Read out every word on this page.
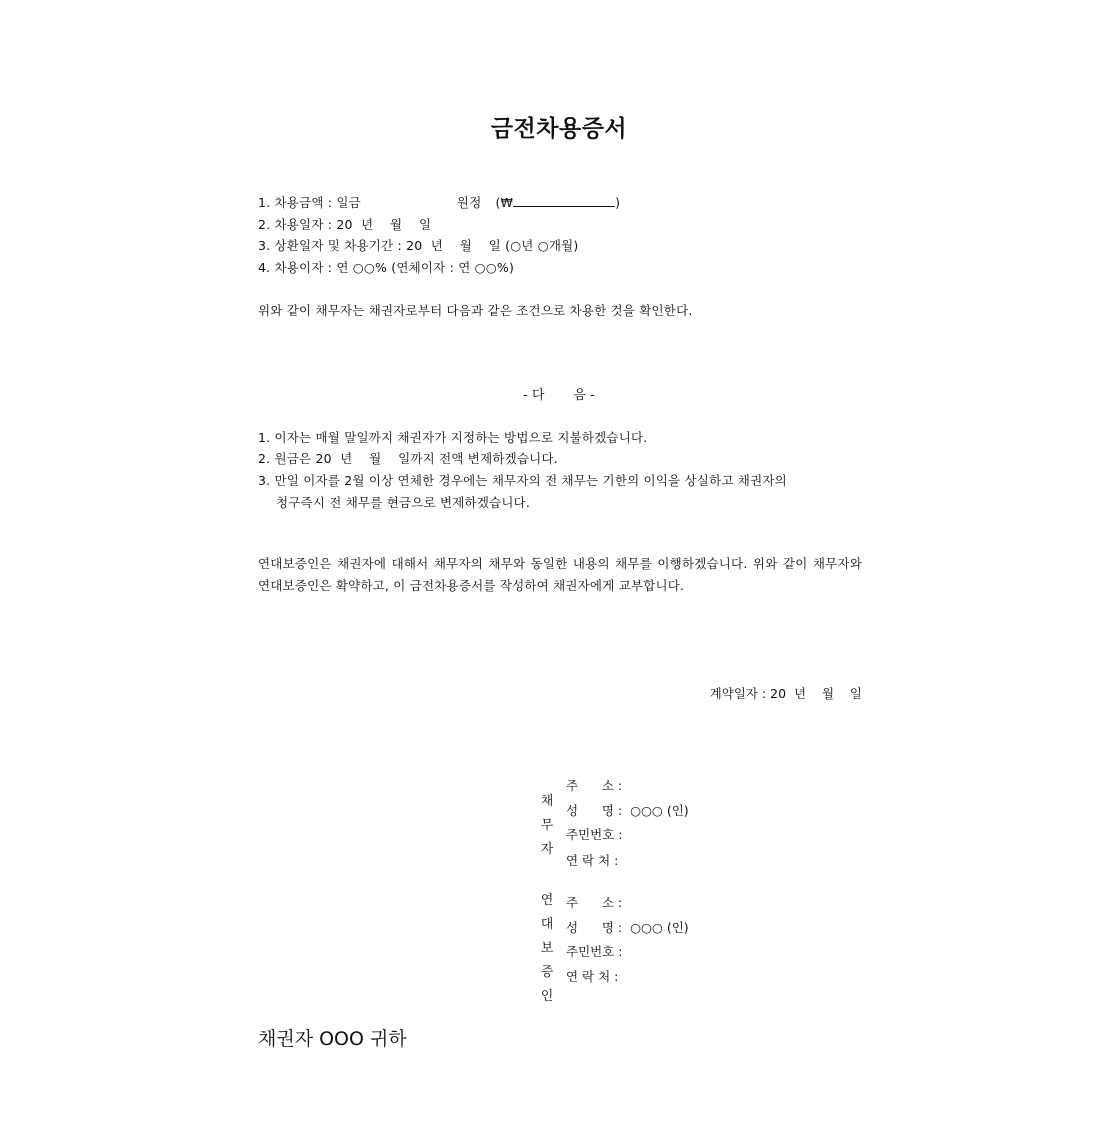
금전차용증서
1. 차용금액 : 일금	원정 (₩	)
2. 차용일자 : 20  년    월    일
3. 상환일자 및 차용기간 : 20  년    월    일 (○년 ○개월)
4. 차용이자 : 연 ○○% (연체이자 : 연 ○○%)
위와 같이 채무자는 채권자로부터 다음과 같은 조건으로 차용한 것을 확인한다.
- 다       음 -
1. 이자는 매월 말일까지 채권자가 지정하는 방법으로 지불하겠습니다.
2. 원금은 20  년    월    일까지 전액 변제하겠습니다.
3. 만일 이자를 2월 이상 연체한 경우에는 채무자의 전 채무는 기한의 이익을 상실하고 채권자의
청구즉시 전 채무를 현금으로 변제하겠습니다.
연대보증인은 채권자에 대해서 채무자의 채무와 동일한 내용의 채무를 이행하겠습니다. 위와 같이 채무자와 연대보증인은 확약하고, 이 금전차용증서를 작성하여 채권자에게 교부합니다.
계약일자 : 20  년    월    일
채
무
자
주      소 :
성      명 :  ○○○ (인)
주민번호 :
연 락 처 :
연
대
보
증
인
주      소 :
성      명 :  ○○○ (인)
주민번호 :
연 락 처 :
채권자 OOO 귀하
